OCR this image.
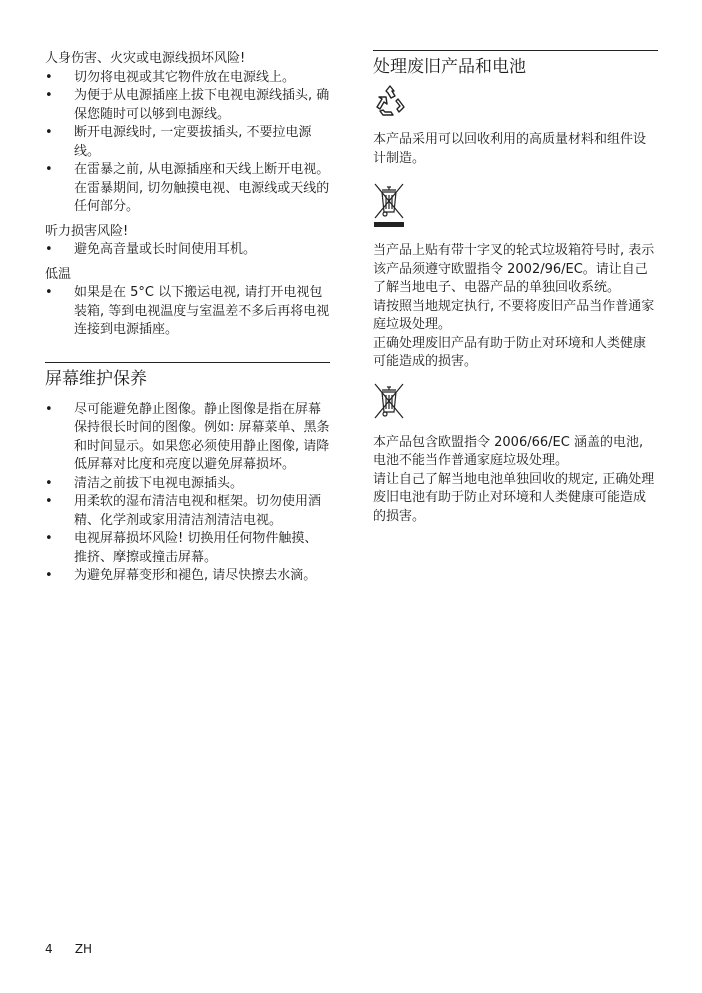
人身伤害、火灾或电源线损坏风险!

• 切勿将电视或其它物件放在电源线上。
• 为便于从电源插座上拔下电视电源线插头, 确保您随时可以够到电源线。
• 断开电源线时, 一定要拔插头, 不要拉电源线。
• 在雷暴之前, 从电源插座和天线上断开电视。在雷暴期间, 切勿触摸电视、电源线或天线的任何部分。

听力损害风险!

• 避免高音量或长时间使用耳机。

低温

• 如果是在 5°C 以下搬运电视, 请打开电视包装箱, 等到电视温度与室温差不多后再将电视连接到电源插座。
屏幕维护保养
• 尽可能避免静止图像。静止图像是指在屏幕保持很长时间的图像。例如: 屏幕菜单、黑条和时间显示。如果您必须使用静止图像, 请降低屏幕对比度和亮度以避免屏幕损坏。
• 清洁之前拔下电视电源插头。
• 用柔软的湿布清洁电视和框架。切勿使用酒精、化学剂或家用清洁剂清洁电视。
• 电视屏幕损坏风险! 切换用任何物件触摸、推挤、摩擦或撞击屏幕。
• 为避免屏幕变形和褪色, 请尽快擦去水滴。
处理废旧产品和电池

本产品采用可以回收利用的高质量材料和组件设计制造。

当产品上贴有带十字叉的轮式垃圾箱符号时, 表示该产品须遵守欧盟指令 2002/96/EC。请让自己了解当地电子、电器产品的单独回收系统。

请按照当地规定执行, 不要将废旧产品当作普通家庭垃圾处理。

正确处理废旧产品有助于防止对环境和人类健康可能造成的损害。

本产品包含欧盟指令 2006/66/EC 涵盖的电池, 电池不能当作普通家庭垃圾处理。

请让自己了解当地电池单独回收的规定, 正确处理废旧电池有助于防止对环境和人类健康可能造成的损害。

4 ZH
